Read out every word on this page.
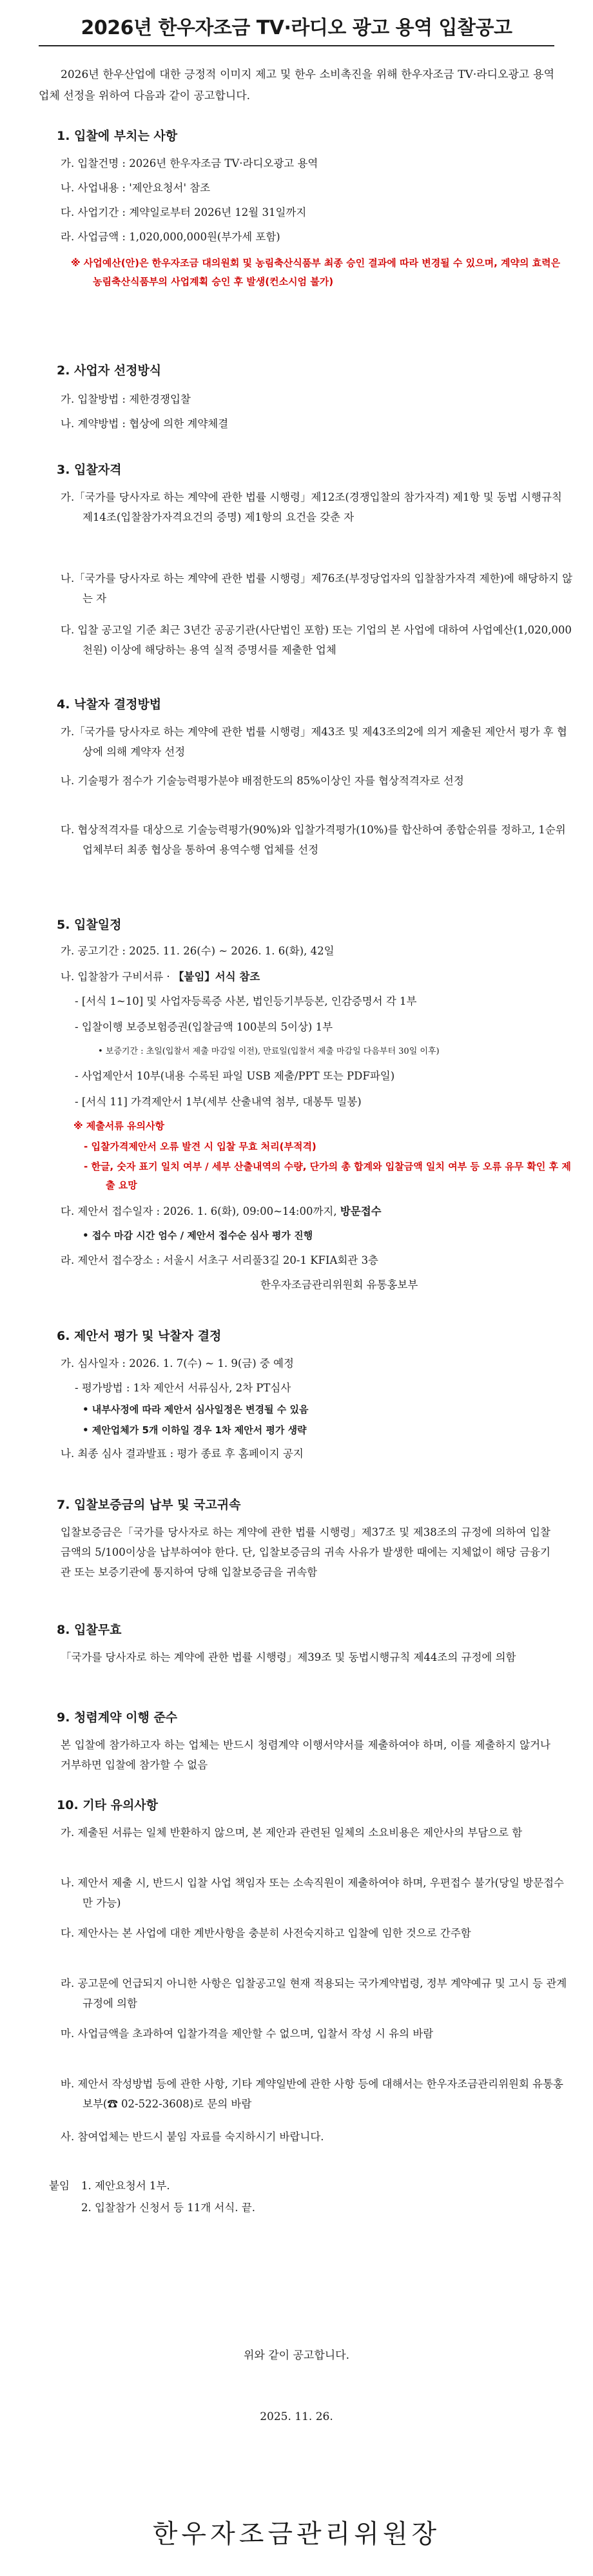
2026년 한우자조금 TV·라디오 광고 용역 입찰공고
2026년 한우산업에 대한 긍정적 이미지 제고 및 한우 소비촉진을 위해 한우자조금 TV·라디오광고 용역업체 선정을 위하여 다음과 같이 공고합니다.
1. 입찰에 부치는 사항
가. 입찰건명 : 2026년 한우자조금 TV·라디오광고 용역
나. 사업내용 : '제안요청서' 참조
다. 사업기간 : 계약일로부터 2026년 12월 31일까지
라. 사업금액 : 1,020,000,000원(부가세 포함)
※ 사업예산(안)은 한우자조금 대의원회 및 농림축산식품부 최종 승인 결과에 따라 변경될 수 있으며, 계약의 효력은 농림축산식품부의 사업계획 승인 후 발생(컨소시엄 불가)
2. 사업자 선정방식
가. 입찰방법 : 제한경쟁입찰
나. 계약방법 : 협상에 의한 계약체결
3. 입찰자격
가.「국가를 당사자로 하는 계약에 관한 법률 시행령」제12조(경쟁입찰의 참가자격) 제1항 및 동법 시행규칙 제14조(입찰참가자격요건의 증명) 제1항의 요건을 갖춘 자
나.「국가를 당사자로 하는 계약에 관한 법률 시행령」제76조(부정당업자의 입찰참가자격 제한)에 해당하지 않는 자
다. 입찰 공고일 기준 최근 3년간 공공기관(사단법인 포함) 또는 기업의 본 사업에 대하여 사업예산(1,020,000천원) 이상에 해당하는 용역 실적 증명서를 제출한 업체
4. 낙찰자 결정방법
가.「국가를 당사자로 하는 계약에 관한 법률 시행령」제43조 및 제43조의2에 의거 제출된 제안서 평가 후 협상에 의해 계약자 선정
나. 기술평가 점수가 기술능력평가분야 배점한도의 85%이상인 자를 협상적격자로 선정
다. 협상적격자를 대상으로 기술능력평가(90%)와 입찰가격평가(10%)를 합산하여 종합순위를 정하고, 1순위 업체부터 최종 협상을 통하여 용역수행 업체를 선정
5. 입찰일정
가. 공고기간 : 2025. 11. 26(수) ~ 2026. 1. 6(화), 42일
나. 입찰참가 구비서류 · 【붙임】서식 참조
- [서식 1~10] 및 사업자등록증 사본, 법인등기부등본, 인감증명서 각 1부
- 입찰이행 보증보험증권(입찰금액 100분의 5이상) 1부
• 보증기간 : 초일(입찰서 제출 마감일 이전), 만료일(입찰서 제출 마감일 다음부터 30일 이후)
- 사업제안서 10부(내용 수록된 파일 USB 제출/PPT 또는 PDF파일)
- [서식 11] 가격제안서 1부(세부 산출내역 첨부, 대봉투 밀봉)
※ 제출서류 유의사항
- 입찰가격제안서 오류 발견 시 입찰 무효 처리(부적격)
- 한글, 숫자 표기 일치 여부 / 세부 산출내역의 수량, 단가의 총 합계와 입찰금액 일치 여부 등 오류 유무 확인 후 제출 요망
다. 제안서 접수일자 : 2026. 1. 6(화), 09:00~14:00까지, 방문접수
• 접수 마감 시간 엄수 / 제안서 접수순 심사 평가 진행
라. 제안서 접수장소 : 서울시 서초구 서리풀3길 20-1 KFIA회관 3층
한우자조금관리위원회 유통홍보부
6. 제안서 평가 및 낙찰자 결정
가. 심사일자 : 2026. 1. 7(수) ~ 1. 9(금) 중 예정
- 평가방법 : 1차 제안서 서류심사, 2차 PT심사
• 내부사정에 따라 제안서 심사일정은 변경될 수 있음
• 제안업체가 5개 이하일 경우 1차 제안서 평가 생략
나. 최종 심사 결과발표 : 평가 종료 후 홈페이지 공지
7. 입찰보증금의 납부 및 국고귀속
입찰보증금은「국가를 당사자로 하는 계약에 관한 법률 시행령」제37조 및 제38조의 규정에 의하여 입찰금액의 5/100이상을 납부하여야 한다. 단, 입찰보증금의 귀속 사유가 발생한 때에는 지체없이 해당 금융기관 또는 보증기관에 통지하여 당해 입찰보증금을 귀속함
8. 입찰무효
「국가를 당사자로 하는 계약에 관한 법률 시행령」제39조 및 동법시행규칙 제44조의 규정에 의함
9. 청렴계약 이행 준수
본 입찰에 참가하고자 하는 업체는 반드시 청렴계약 이행서약서를 제출하여야 하며, 이를 제출하지 않거나 거부하면 입찰에 참가할 수 없음
10. 기타 유의사항
가. 제출된 서류는 일체 반환하지 않으며, 본 제안과 관련된 일체의 소요비용은 제안사의 부담으로 함
나. 제안서 제출 시, 반드시 입찰 사업 책임자 또는 소속직원이 제출하여야 하며, 우편접수 불가(당일 방문접수만 가능)
다. 제안사는 본 사업에 대한 계반사항을 충분히 사전숙지하고 입찰에 임한 것으로 간주함
라. 공고문에 언급되지 아니한 사항은 입찰공고일 현재 적용되는 국가계약법령, 정부 계약예규 및 고시 등 관계 규정에 의함
마. 사업금액을 초과하여 입찰가격을 제안할 수 없으며, 입찰서 작성 시 유의 바람
바. 제안서 작성방법 등에 관한 사항, 기타 계약일반에 관한 사항 등에 대해서는 한우자조금관리위원회 유통홍보부(☎ 02-522-3608)로 문의 바람
사. 참여업체는 반드시 붙임 자료를 숙지하시기 바랍니다.
붙임	1. 제안요청서 1부.
2. 입찰참가 신청서 등 11개 서식. 끝.
위와 같이 공고합니다.
2025. 11. 26.
한우자조금관리위원장
